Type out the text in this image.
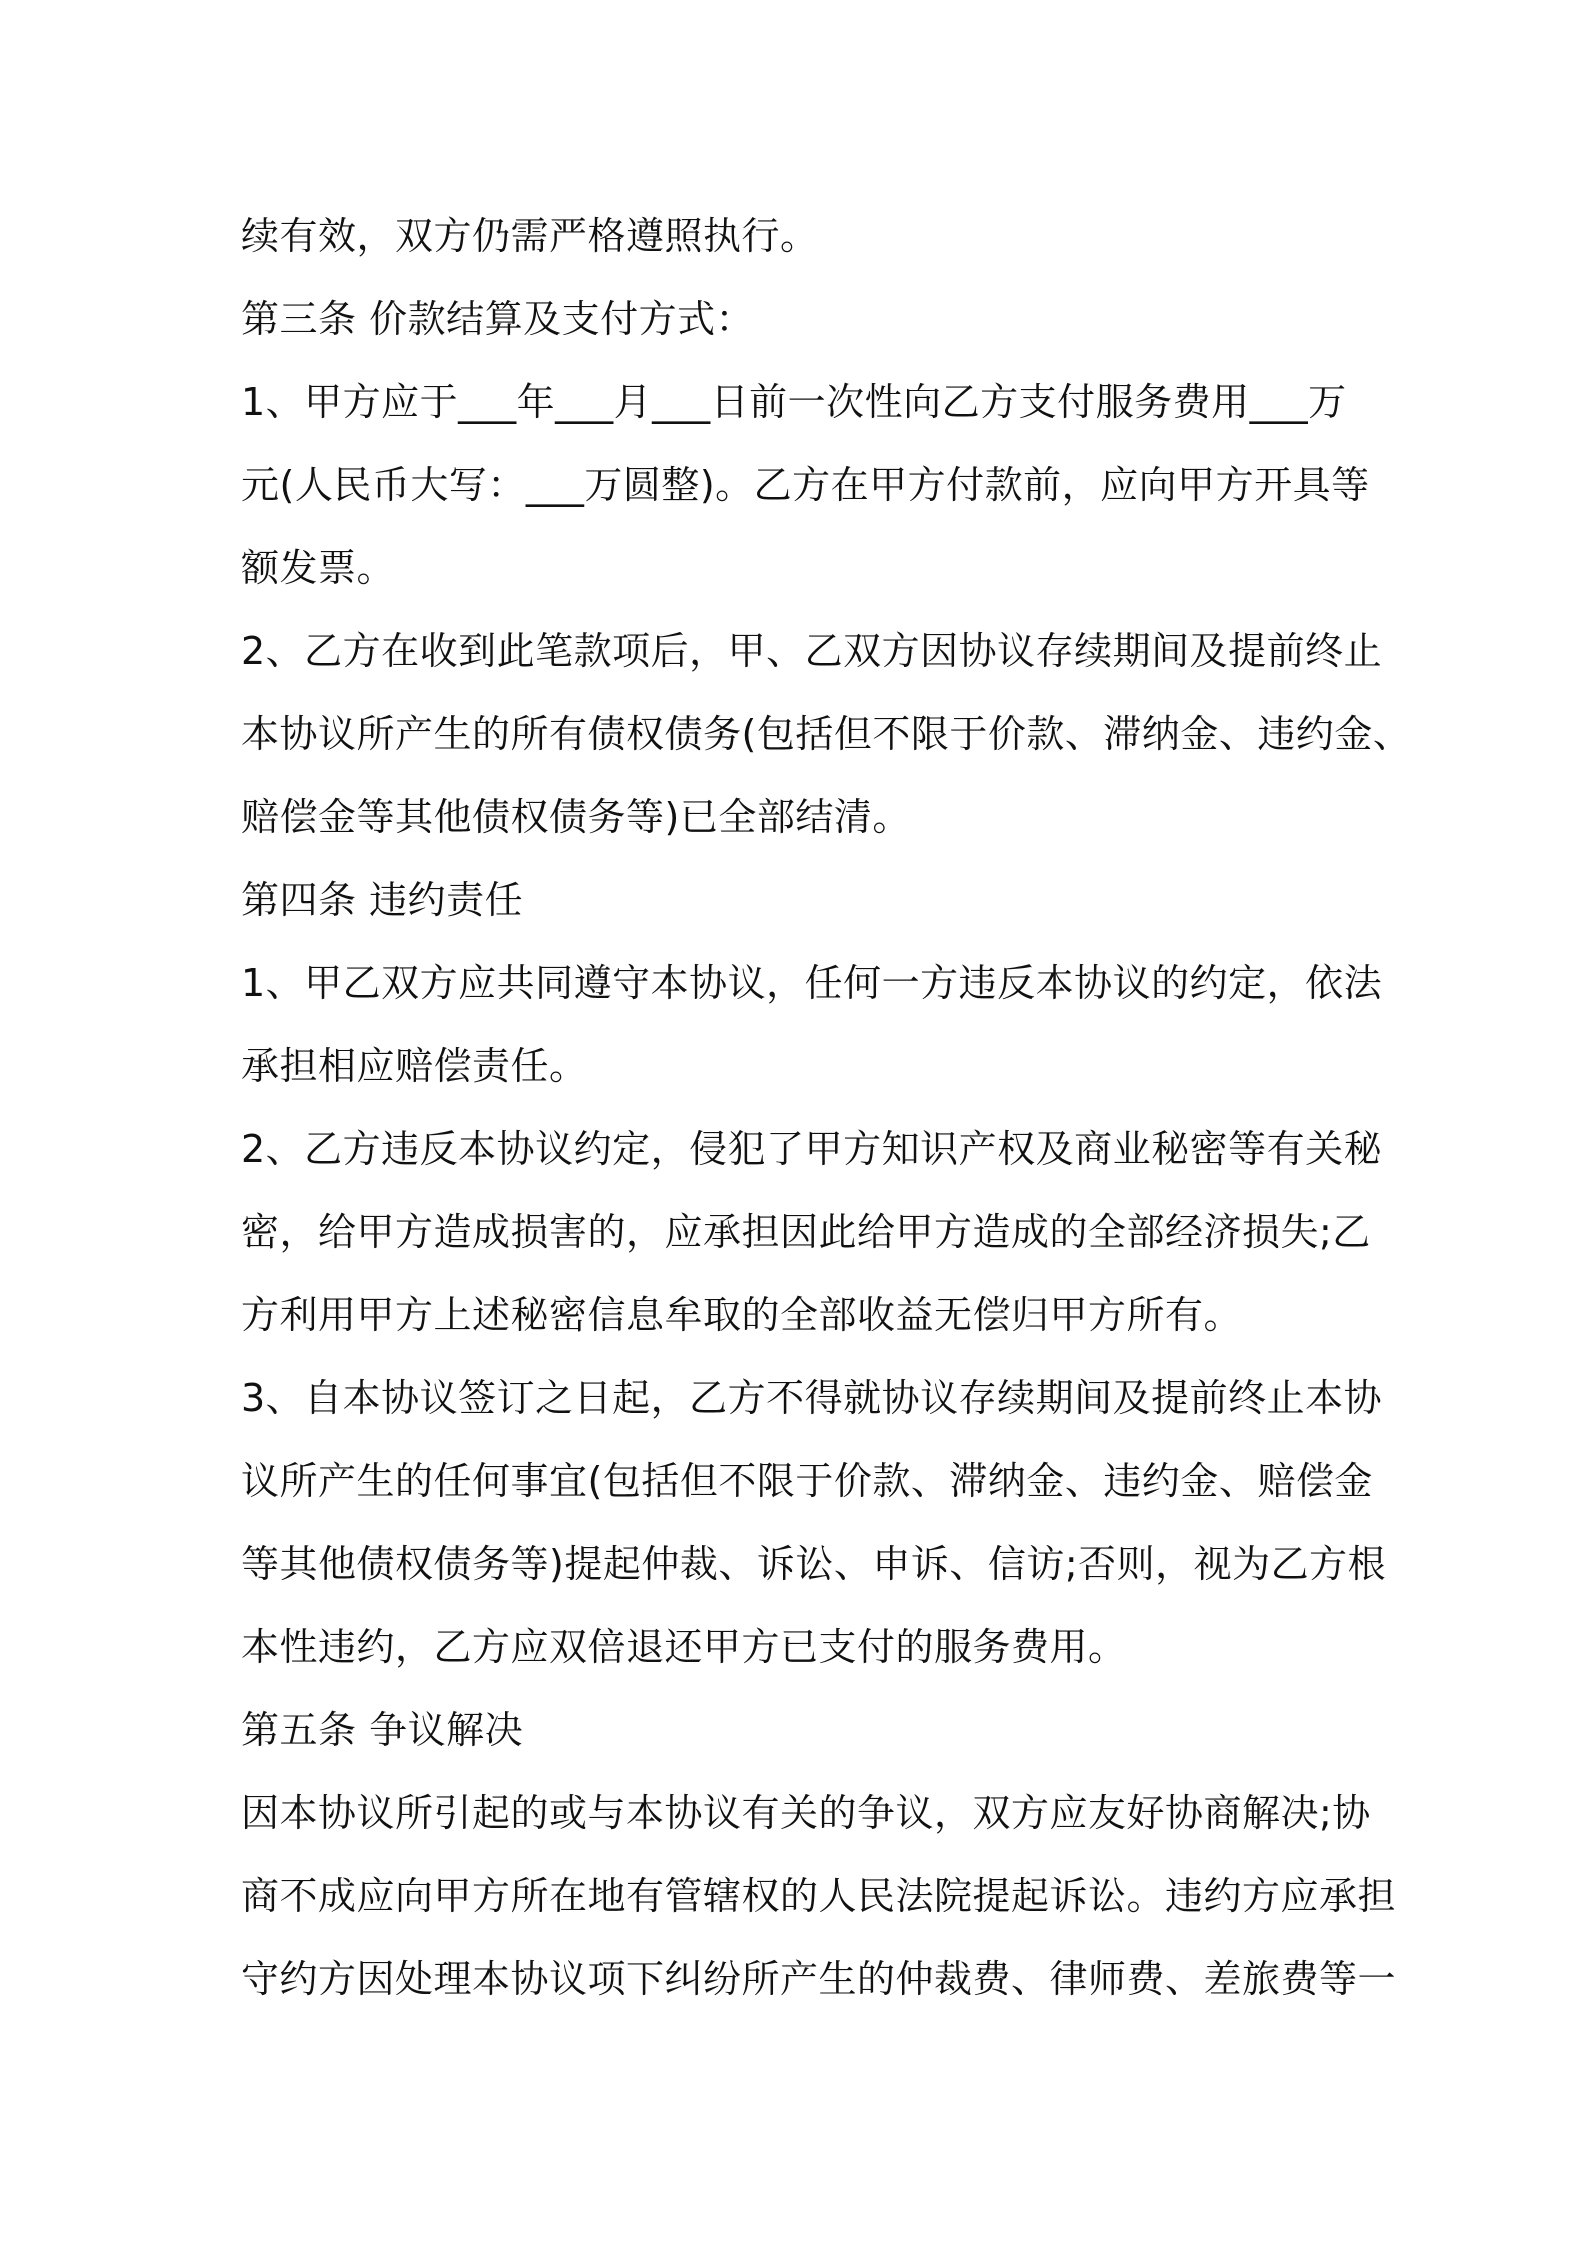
续有效，双方仍需严格遵照执行。
第三条 价款结算及支付方式：
1、甲方应于___年___月___日前一次性向乙方支付服务费用___万
元(人民币大写：___万圆整)。乙方在甲方付款前，应向甲方开具等
额发票。
2、乙方在收到此笔款项后，甲、乙双方因协议存续期间及提前终止
本协议所产生的所有债权债务(包括但不限于价款、滞纳金、违约金、
赔偿金等其他债权债务等)已全部结清。
第四条 违约责任
1、甲乙双方应共同遵守本协议，任何一方违反本协议的约定，依法
承担相应赔偿责任。
2、乙方违反本协议约定，侵犯了甲方知识产权及商业秘密等有关秘
密，给甲方造成损害的，应承担因此给甲方造成的全部经济损失;乙
方利用甲方上述秘密信息牟取的全部收益无偿归甲方所有。
3、自本协议签订之日起，乙方不得就协议存续期间及提前终止本协
议所产生的任何事宜(包括但不限于价款、滞纳金、违约金、赔偿金
等其他债权债务等)提起仲裁、诉讼、申诉、信访;否则，视为乙方根
本性违约，乙方应双倍退还甲方已支付的服务费用。
第五条 争议解决
因本协议所引起的或与本协议有关的争议，双方应友好协商解决;协
商不成应向甲方所在地有管辖权的人民法院提起诉讼。违约方应承担
守约方因处理本协议项下纠纷所产生的仲裁费、律师费、差旅费等一
